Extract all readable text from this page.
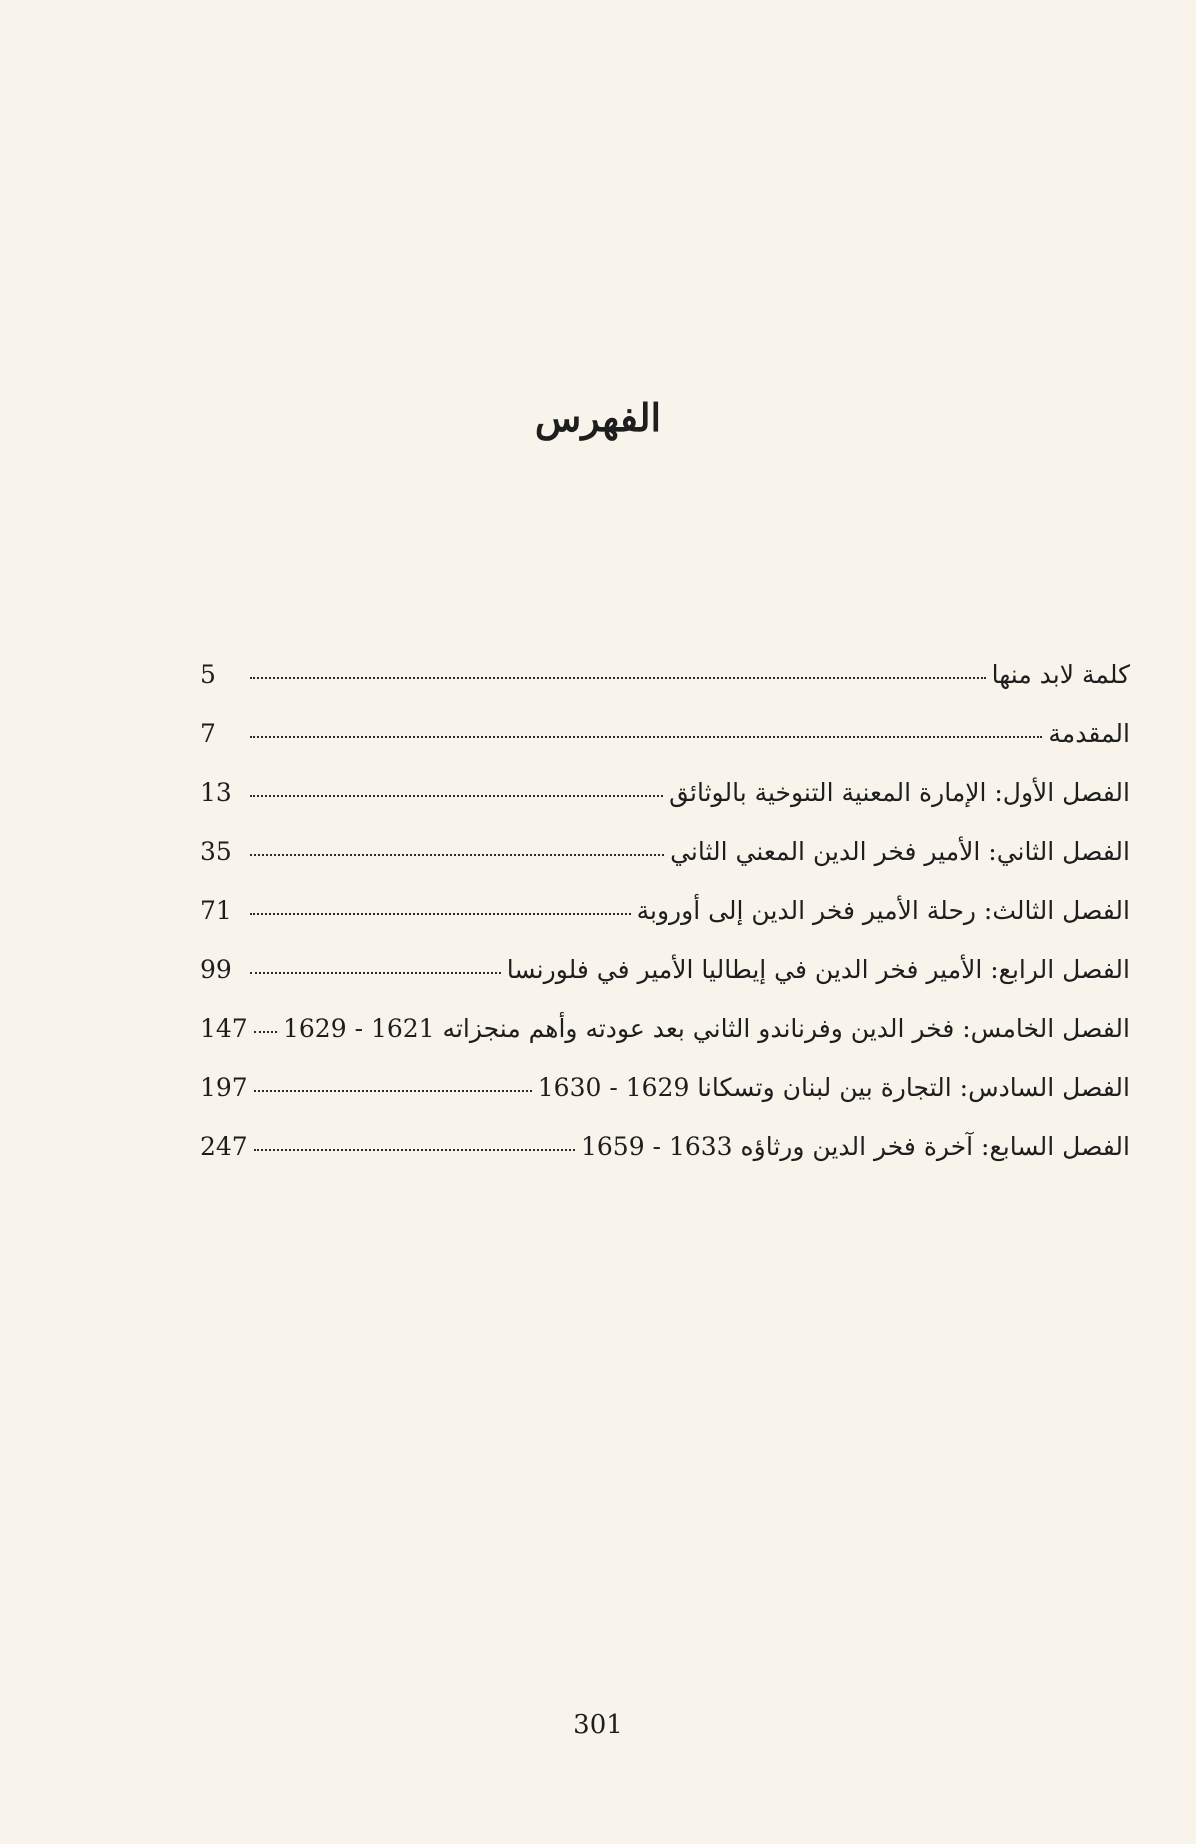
الفهرس
كلمة لابد منها
5
المقدمة
7
الفصل الأول: الإمارة المعنية التنوخية بالوثائق
13
الفصل الثاني: الأمير فخر الدين المعني الثاني
35
الفصل الثالث: رحلة الأمير فخر الدين إلى أوروبة
71
الفصل الرابع: الأمير فخر الدين في إيطاليا الأمير في فلورنسا
99
الفصل الخامس: فخر الدين وفرناندو الثاني بعد عودته وأهم منجزاته 1621 - 1629
147
الفصل السادس: التجارة بين لبنان وتسكانا 1629 - 1630
197
الفصل السابع: آخرة فخر الدين ورثاؤه 1633 - 1659
247
301
